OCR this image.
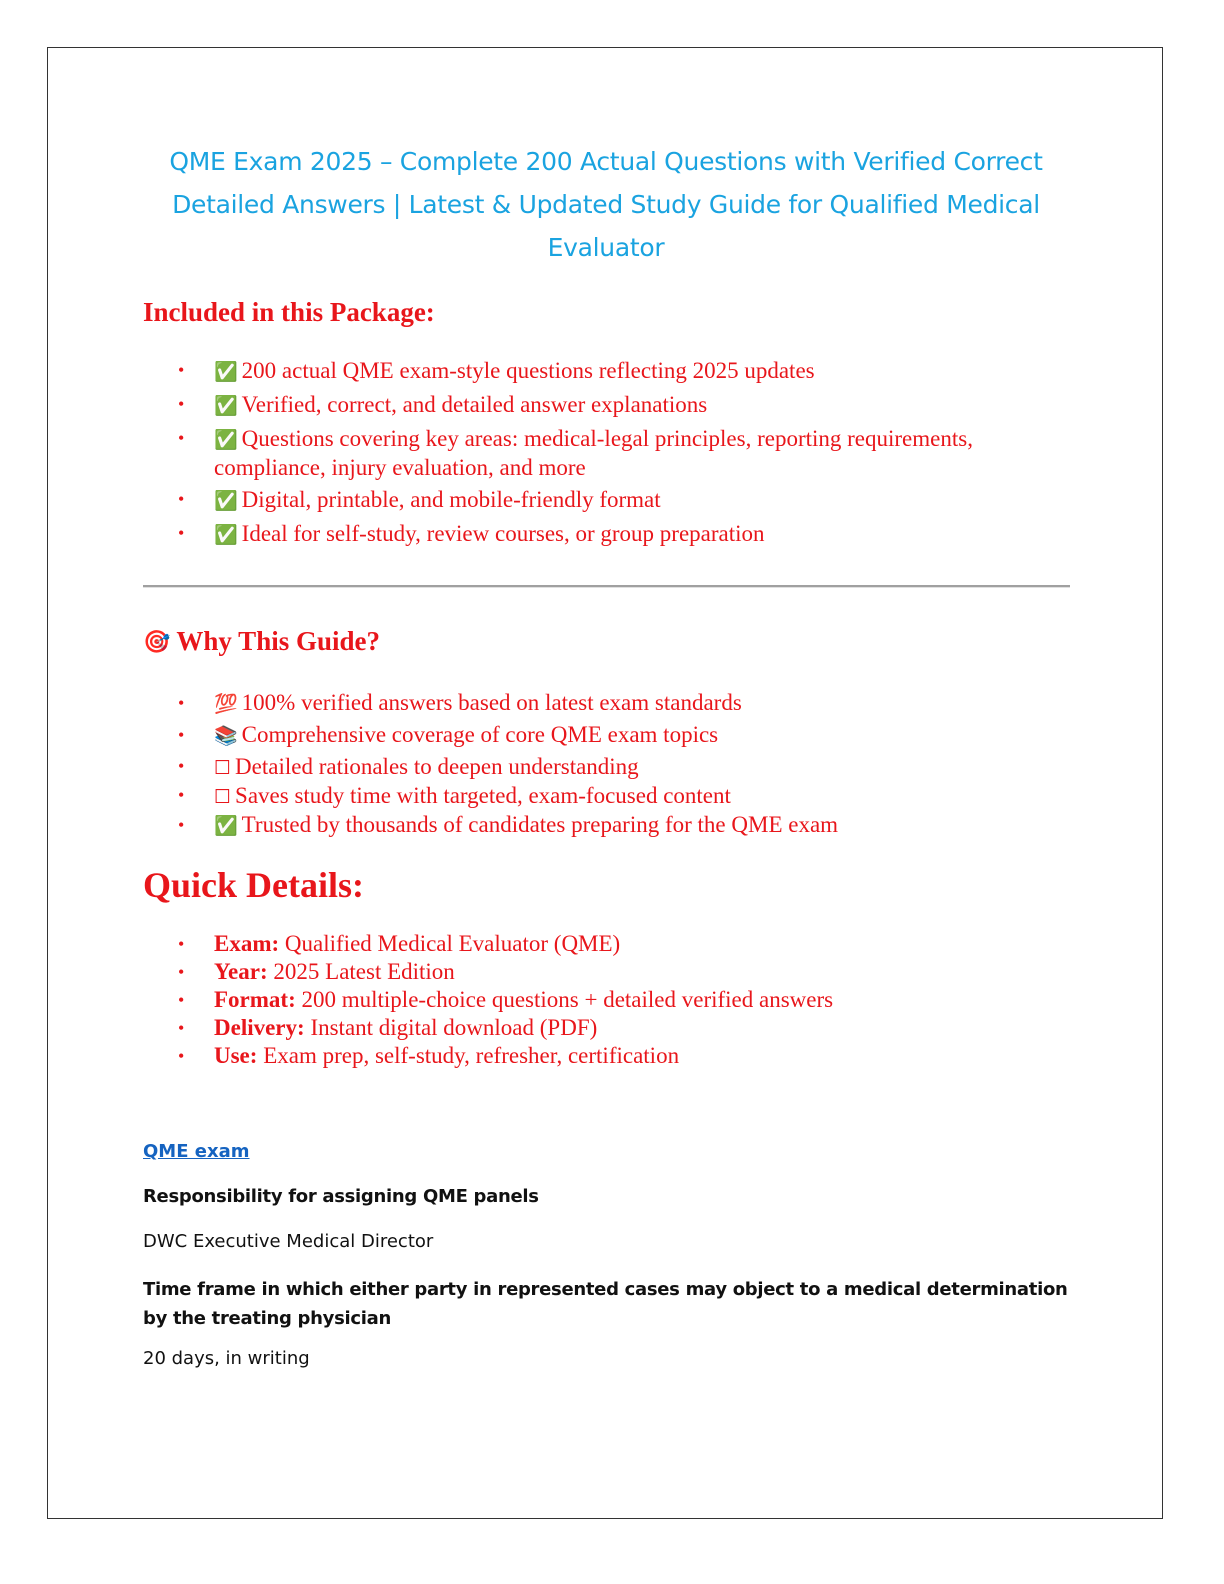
QME Exam 2025 – Complete 200 Actual Questions with Verified Correct Detailed Answers | Latest & Updated Study Guide for Qualified Medical Evaluator
Included in this Package:
• ✅ 200 actual QME exam-style questions reflecting 2025 updates
• ✅ Verified, correct, and detailed answer explanations
• ✅ Questions covering key areas: medical-legal principles, reporting requirements, compliance, injury evaluation, and more
• ✅ Digital, printable, and mobile-friendly format
• ✅ Ideal for self-study, review courses, or group preparation
🎯 Why This Guide?
• 💯 100% verified answers based on latest exam standards
• 📚 Comprehensive coverage of core QME exam topics
• ☐ Detailed rationales to deepen understanding
• ☐ Saves study time with targeted, exam-focused content
• ✅ Trusted by thousands of candidates preparing for the QME exam
Quick Details:
• Exam: Qualified Medical Evaluator (QME)
• Year: 2025 Latest Edition
• Format: 200 multiple-choice questions + detailed verified answers
• Delivery: Instant digital download (PDF)
• Use: Exam prep, self-study, refresher, certification
QME exam

Responsibility for assigning QME panels

DWC Executive Medical Director

Time frame in which either party in represented cases may object to a medical determination by the treating physician

20 days, in writing
